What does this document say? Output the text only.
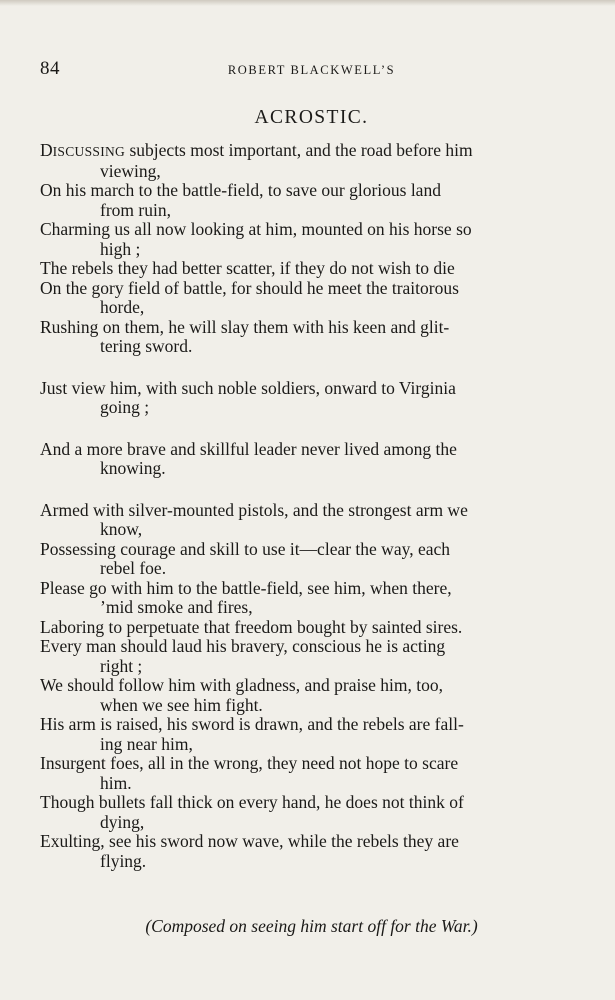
84	ROBERT BLACKWELL’S
ACROSTIC.

DISCUSSING subjects most important, and the road before him
viewing,

On his march to the battle-field, to save our glorious land
from ruin,

Charming us all now looking at him, mounted on his horse so
high ;

The rebels they had better scatter, if they do not wish to die

On the gory field of battle, for should he meet the traitorous
horde,

Rushing on them, he will slay them with his keen and glit-
tering sword.

Just view him, with such noble soldiers, onward to Virginia
going ;

And a more brave and skillful leader never lived among the
knowing.

Armed with silver-mounted pistols, and the strongest arm we
know,

Possessing courage and skill to use it—clear the way, each
rebel foe.

Please go with him to the battle-field, see him, when there,
’mid smoke and fires,

Laboring to perpetuate that freedom bought by sainted sires.

Every man should laud his bravery, conscious he is acting
right ;

We should follow him with gladness, and praise him, too,
when we see him fight.

His arm is raised, his sword is drawn, and the rebels are fall-
ing near him,

Insurgent foes, all in the wrong, they need not hope to scare
him.

Though bullets fall thick on every hand, he does not think of
dying,

Exulting, see his sword now wave, while the rebels they are
flying.

(Composed on seeing him start off for the War.)
